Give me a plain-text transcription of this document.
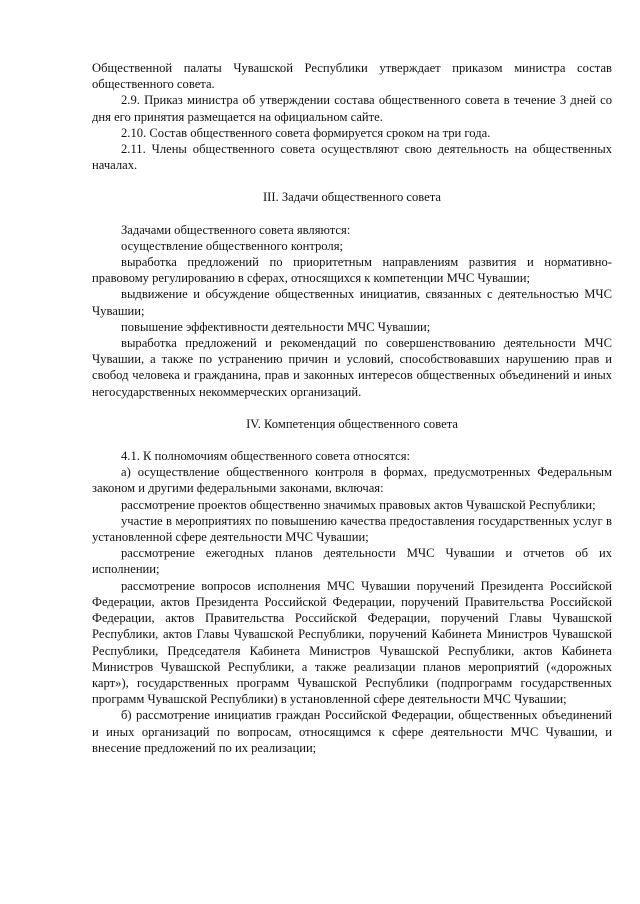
Общественной палаты Чувашской Республики утверждает приказом министра состав общественного совета.

2.9. Приказ министра об утверждении состава общественного совета в течение 3 дней со дня его принятия размещается на официальном сайте.

2.10. Состав общественного совета формируется сроком на три года.

2.11. Члены общественного совета осуществляют свою деятельность на общественных началах.

III. Задачи общественного совета

Задачами общественного совета являются:

осуществление общественного контроля;

выработка предложений по приоритетным направлениям развития и нормативно-правовому регулированию в сферах, относящихся к компетенции МЧС Чувашии;

выдвижение и обсуждение общественных инициатив, связанных с деятельностью МЧС Чувашии;

повышение эффективности деятельности МЧС Чувашии;

выработка предложений и рекомендаций по совершенствованию деятельности МЧС Чувашии, а также по устранению причин и условий, способствовавших нарушению прав и свобод человека и гражданина, прав и законных интересов общественных объединений и иных негосударственных некоммерческих организаций.

IV. Компетенция общественного совета

4.1. К полномочиям общественного совета относятся:

а) осуществление общественного контроля в формах, предусмотренных Федеральным законом и другими федеральными законами, включая:

рассмотрение проектов общественно значимых правовых актов Чувашской Республики;

участие в мероприятиях по повышению качества предоставления государственных услуг в установленной сфере деятельности МЧС Чувашии;

рассмотрение ежегодных планов деятельности МЧС Чувашии и отчетов об их исполнении;

рассмотрение вопросов исполнения МЧС Чувашии поручений Президента Российской Федерации, актов Президента Российской Федерации, поручений Правительства Российской Федерации, актов Правительства Российской Федерации, поручений Главы Чувашской Республики, актов Главы Чувашской Республики, поручений Кабинета Министров Чувашской Республики, Председателя Кабинета Министров Чувашской Республики, актов Кабинета Министров Чувашской Республики, а также реализации планов мероприятий («дорожных карт»), государственных программ Чувашской Республики (подпрограмм государственных программ Чувашской Республики) в установленной сфере деятельности МЧС Чувашии;

б) рассмотрение инициатив граждан Российской Федерации, общественных объединений и иных организаций по вопросам, относящимся к сфере деятельности МЧС Чувашии, и внесение предложений по их реализации;
